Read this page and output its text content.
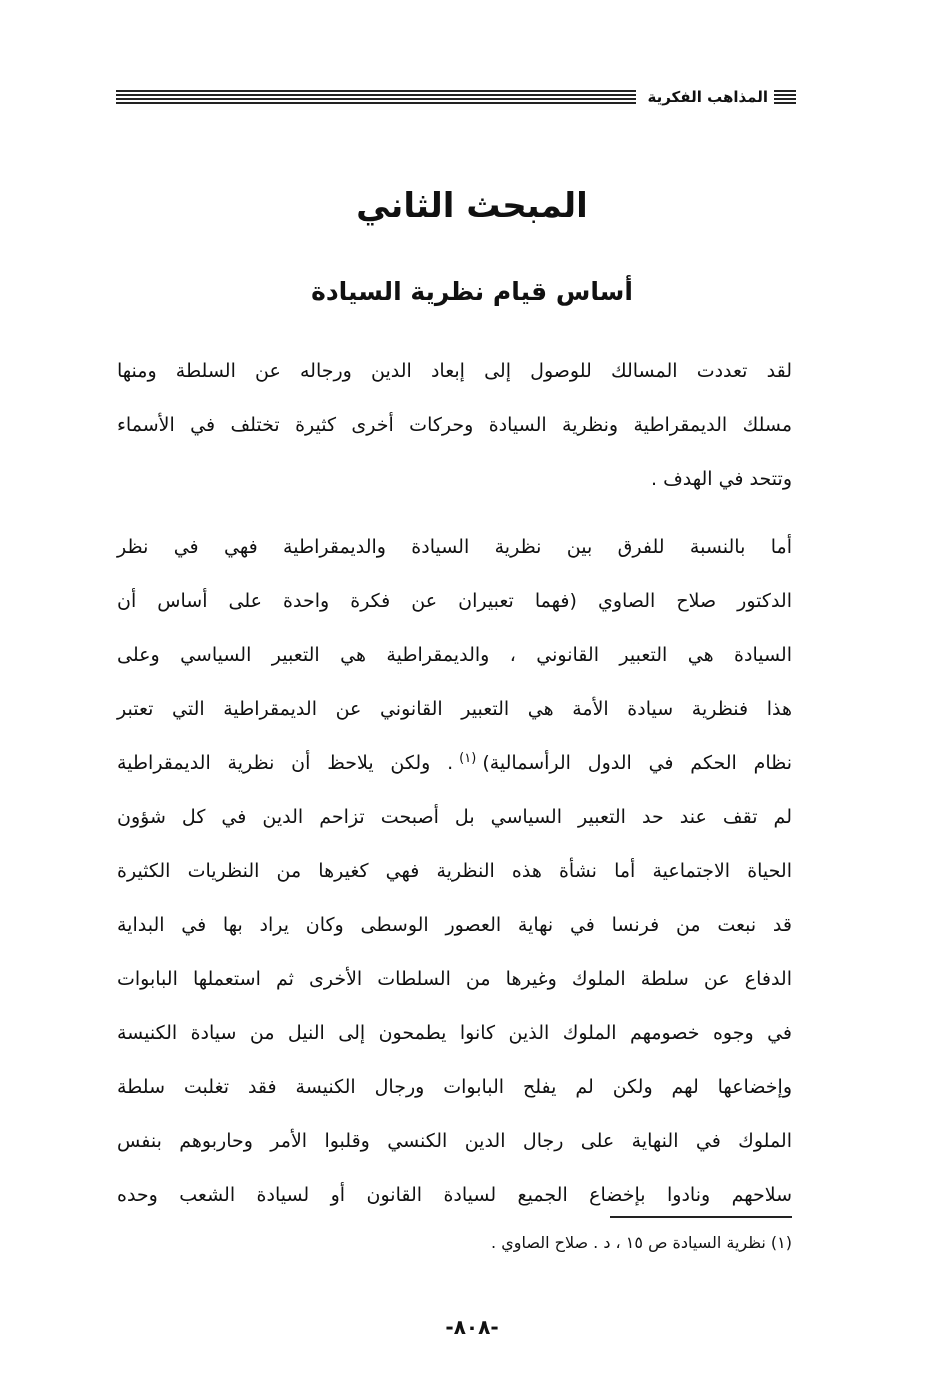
المذاهب الفكرية
المبحث الثاني
أساس قيام نظرية السيادة
لقد تعددت المسالك للوصول إلى إبعاد الدين ورجاله عن السلطة ومنها
مسلك الديمقراطية ونظرية السيادة وحركات أخرى كثيرة تختلف في الأسماء
وتتحد في الهدف .
أما بالنسبة للفرق بين نظرية السيادة والديمقراطية فهي في نظر
الدكتور صلاح الصاوي (فهما تعبيران عن فكرة واحدة على أساس أن
السيادة هي التعبير القانوني ، والديمقراطية هي التعبير السياسي وعلى
هذا فنظرية سيادة الأمة هي التعبير القانوني عن الديمقراطية التي تعتبر
نظام الحكم في الدول الرأسمالية)$^{(١)}$. ولكن يلاحظ أن نظرية الديمقراطية
لم تقف عند حد التعبير السياسي بل أصبحت تزاحم الدين في كل شؤون
الحياة الاجتماعية أما نشأة هذه النظرية فهي كغيرها من النظريات الكثيرة
قد نبعت من فرنسا في نهاية العصور الوسطى وكان يراد بها في البداية
الدفاع عن سلطة الملوك وغيرها من السلطات الأخرى ثم استعملها البابوات
في وجوه خصومهم الملوك الذين كانوا يطمحون إلى النيل من سيادة الكنيسة
وإخضاعها لهم ولكن لم يفلح البابوات ورجال الكنيسة فقد تغلبت سلطة
الملوك في النهاية على رجال الدين الكنسي وقلبوا الأمر وحاربوهم بنفس
سلاحهم ونادوا بإخضاع الجميع لسيادة القانون أو لسيادة الشعب وحده
(١) نظرية السيادة ص ١٥ ، د . صلاح الصاوي .
-٨٠٨-
